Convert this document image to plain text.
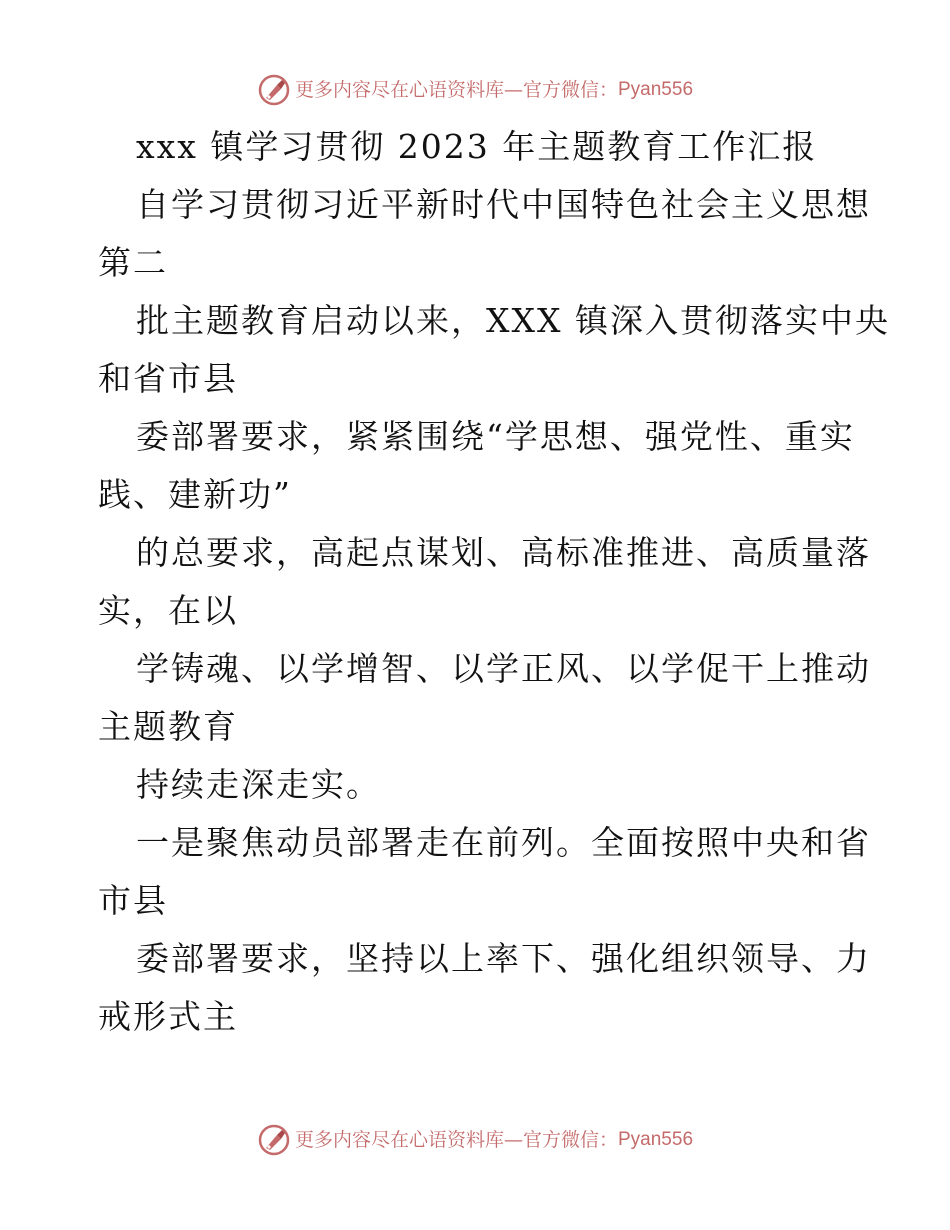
更多内容尽在心语资料库—官方微信：Pyan556
xxx 镇学习贯彻 2023 年主题教育工作汇报
自学习贯彻习近平新时代中国特色社会主义思想
第二
批主题教育启动以来，XXX 镇深入贯彻落实中央
和省市县
委部署要求，紧紧围绕“学思想、强党性、重实
践、建新功”
的总要求，高起点谋划、高标准推进、高质量落
实，在以
学铸魂、以学增智、以学正风、以学促干上推动
主题教育
持续走深走实。
一是聚焦动员部署走在前列。全面按照中央和省
市县
委部署要求，坚持以上率下、强化组织领导、力
戒形式主
更多内容尽在心语资料库—官方微信：Pyan556
